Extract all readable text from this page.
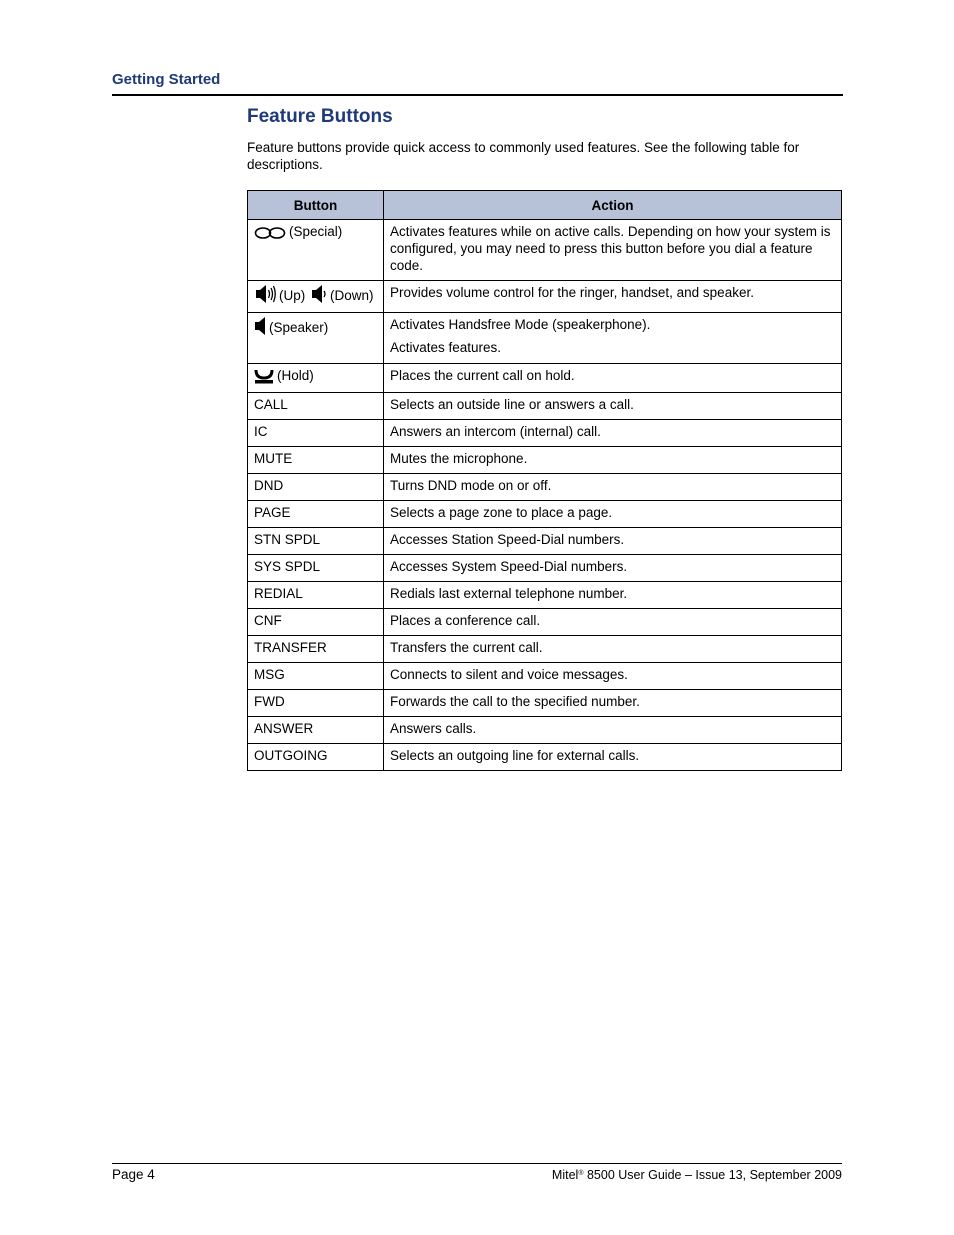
Getting Started
Feature Buttons
Feature buttons provide quick access to commonly used features. See the following table for descriptions.
Button	Action
(Special)	Activates features while on active calls. Depending on how your system is configured, you may need to press this button before you dial a feature code.
(Up) (Down)	Provides volume control for the ringer, handset, and speaker.
(Speaker)	Activates Handsfree Mode (speakerphone).
Activates features.

(Hold)	Places the current call on hold.
CALL	Selects an outside line or answers a call.
IC	Answers an intercom (internal) call.
MUTE	Mutes the microphone.
DND	Turns DND mode on or off.
PAGE	Selects a page zone to place a page.
STN SPDL	Accesses Station Speed-Dial numbers.
SYS SPDL	Accesses System Speed-Dial numbers.
REDIAL	Redials last external telephone number.
CNF	Places a conference call.
TRANSFER	Transfers the current call.
MSG	Connects to silent and voice messages.
FWD	Forwards the call to the specified number.
ANSWER	Answers calls.
OUTGOING	Selects an outgoing line for external calls.
Page 4	Mitel® 8500 User Guide – Issue 13, September 2009
